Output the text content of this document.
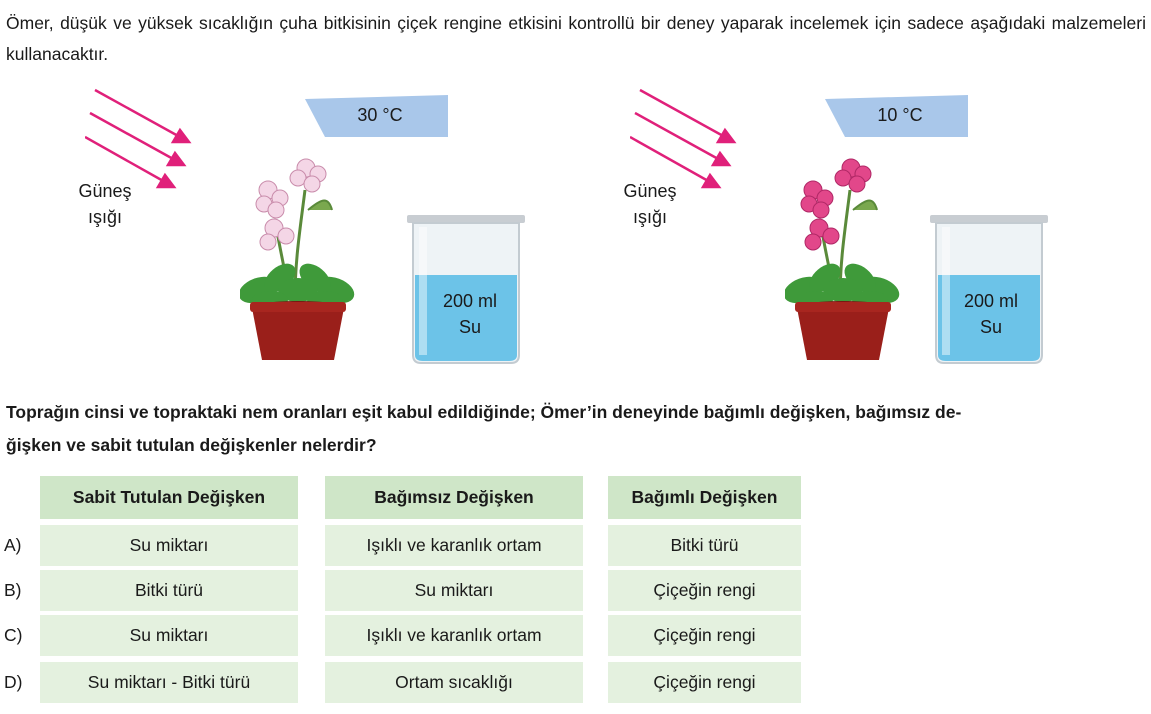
Ömer, düşük ve yüksek sıcaklığın çuha bitkisinin çiçek rengine etkisini kontrollü bir deney yaparak incelemek için sadece aşağıdaki malzemeleri kullanacaktır.
Güneş
ışığı
30 °C
200 ml
Su
Güneş
ışığı
10 °C
200 ml
Su
Toprağın cinsi ve topraktaki nem oranları eşit kabul edildiğinde; Ömer’in deneyinde bağımlı değişken, bağımsız de-
ğişken ve sabit tutulan değişkenler nelerdir?
Sabit Tutulan Değişken	Bağımsız Değişken	Bağımlı Değişken
A)	Su miktarı	Işıklı ve karanlık ortam	Bitki türü
B)	Bitki türü	Su miktarı	Çiçeğin rengi
C)	Su miktarı	Işıklı ve karanlık ortam	Çiçeğin rengi
D)	Su miktarı - Bitki türü	Ortam sıcaklığı	Çiçeğin rengi
